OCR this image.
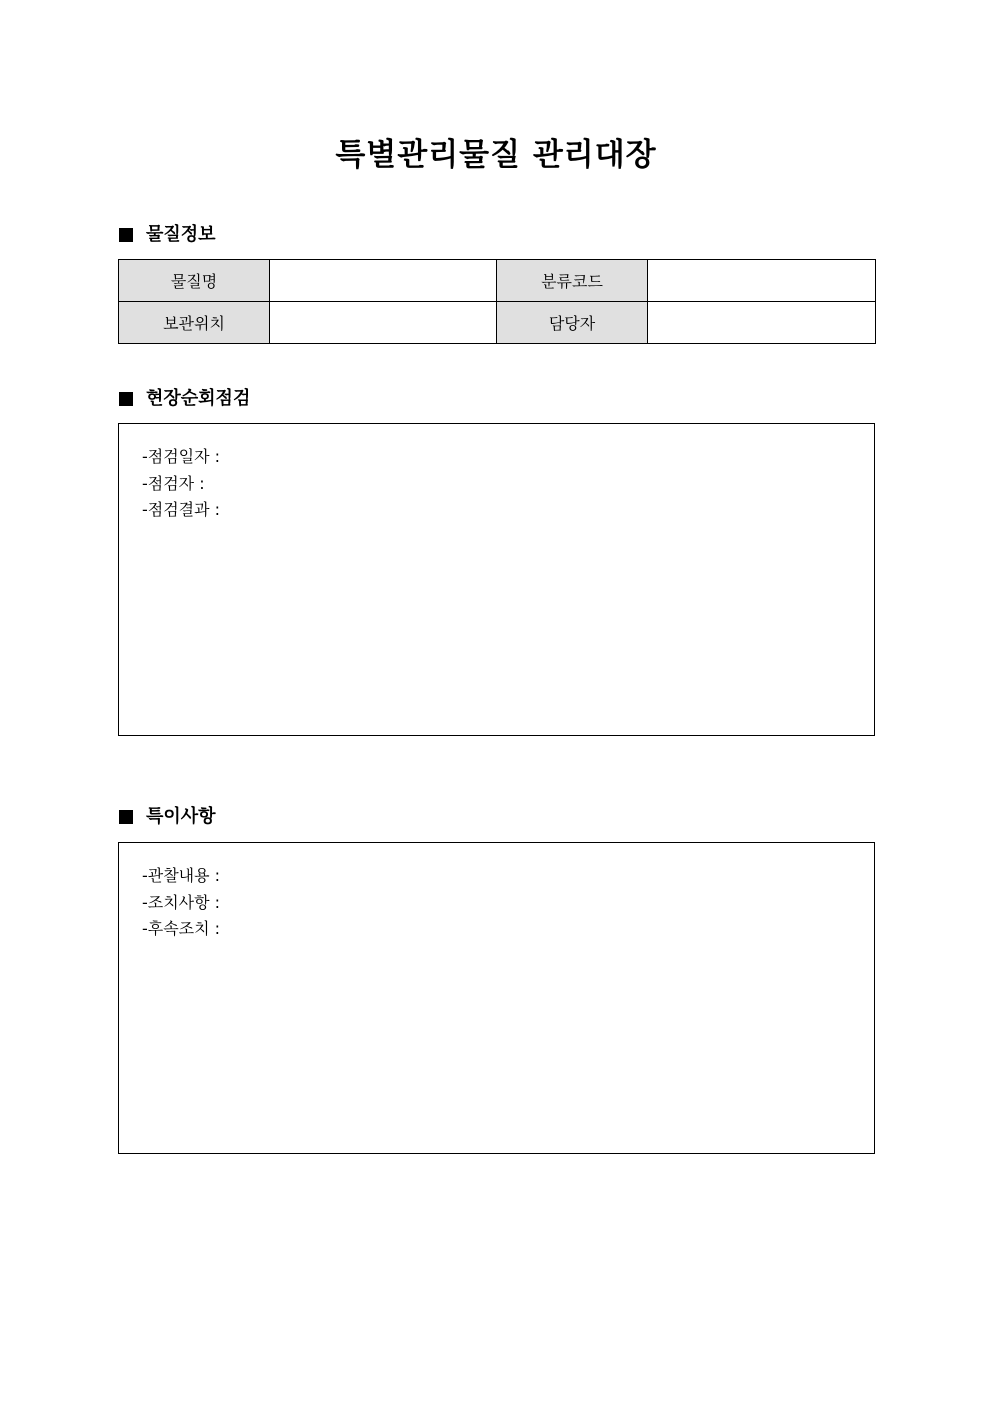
특별관리물질 관리대장
물질정보
물질명		분류코드	
보관위치		담당자	
현장순회점검
-점검일자 :
-점검자 :
-점검결과 :
특이사항
-관찰내용 :
-조치사항 :
-후속조치 :
